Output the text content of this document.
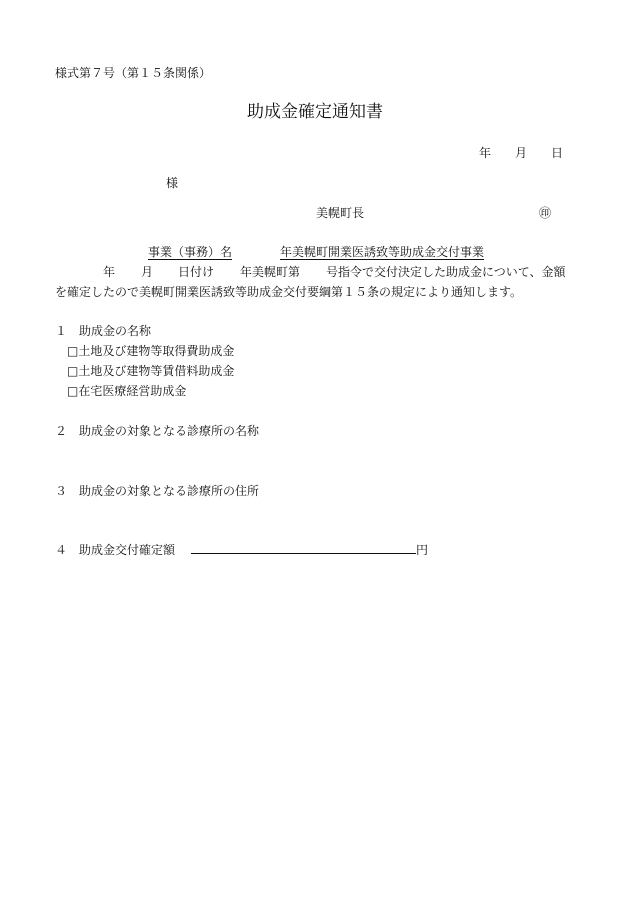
様式第７号（第１５条関係）
助成金確定通知書
年 月 日
様
美幌町長	㊞
事業（事務）名	年美幌町開業医誘致等助成金交付事業
年 月 日付け 年美幌町第 号指令で交付決定した助成金について、金額
を確定したので美幌町開業医誘致等助成金交付要綱第１５条の規定により通知します。
１ 助成金の名称
□土地及び建物等取得費助成金
□土地及び建物等賃借料助成金
□在宅医療経営助成金
２ 助成金の対象となる診療所の名称
３ 助成金の対象となる診療所の住所
４ 助成金交付確定額	円
